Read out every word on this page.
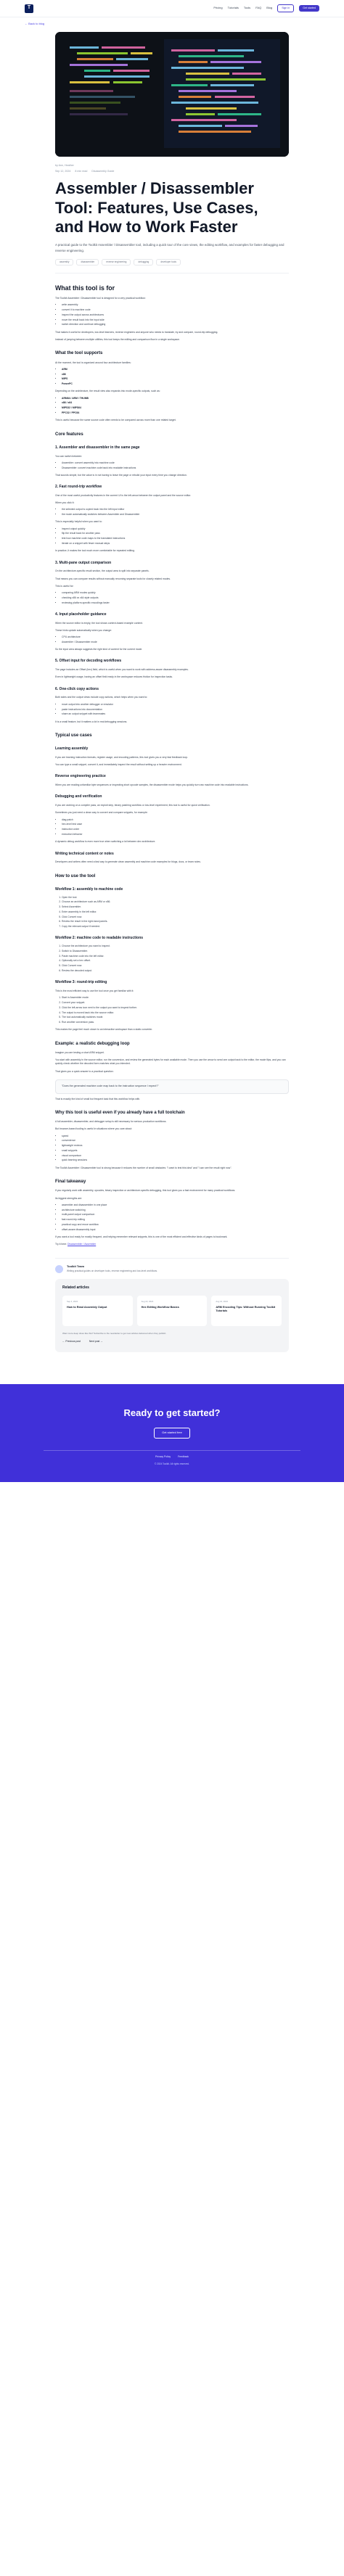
T	Pricing Tutorials Tools FAQ Blog	Sign in	Get started
← Back to blog
by Ann, Heather
Sep 12, 2024 8 min read Disassembly Guide
Assembler / Disassembler Tool: Features, Use Cases, and How to Work Faster

A practical guide to the Toolkit Assembler / Disassembler tool, including a quick tour of the core views, the editing workflow, and examples for faster debugging and reverse engineering.

assembly	disassembler	reverse engineering	debugging	developer tools
What this tool is for

The Toolkit Assembler / Disassembler tool is designed for a very practical workflow:

• write assembly
• convert it to machine code
• inspect the output across architectures
• move the result back into the input side
• switch direction and continue debugging

That makes it useful for developers, low-level learners, reverse engineers and anyone who needs to translate, try and compare, round-trip debugging.

Instead of jumping between multiple utilities, this tool keeps the editing and comparison flow in a single workspace.

What the tool supports

At the moment, the tool is organized around four architecture families:

• ARM
• x86
• MIPS
• PowerPC

Depending on the architecture, the result view also expands into mode-specific outputs, such as:

• ARM64 / ARM / THUMB
• x86 / x64
• MIPS32 / MIPS64
• PPC32 / PPC64

This is useful because the same source code often needs to be compared across more than one related target.

Core features
1. Assembler and disassembler in the same page

You can switch between:

• Assembler: convert assembly into machine code
• Disassembler: convert machine code back into readable instructions

That sounds simple, but the value is in not having to leave the page or rebuild your input every time you change direction.

2. Fast round-trip workflow

One of the most useful productivity features in the current UI is the left-arrow between the output panel and the source editor.

When you click it:

• the selected output is copied back into the left input editor
• the mode automatically switches between Assembler and Disassembler

This is especially helpful when you want to:

• inspect output quickly
• flip the result back for another pass
• test how machine code maps to the translated instructions
• iterate on a snippet with fewer manual steps

In practice, it makes the tool much more comfortable for repeated editing.

3. Multi-pane output comparison

On the architecture-specific result section, the output area is split into separate panels.

That means you can compare results without manually rerunning separate tools for closely related modes.

This is useful for:

• comparing ARM modes quickly
• checking x86 vs x64 style outputs
• reviewing platform-specific encodings faster
4. Input placeholder guidance

When the source editor is empty, the tool shows context-based example content.

These hints update automatically when you change:

• CPU architecture
• Assembler / Disassembler mode

So the input area always suggests the right kind of content for the current mode.

5. Offset input for decoding workflows

The page includes an Offset (hex) field, which is useful when you want to work with address-aware disassembly examples.

Even in lightweight usage, having an offset field ready in the workspace reduces friction for inspection tasks.

6. One-click copy actions

Both sides and the output views include copy actions, which helps when you want to:

• move output into another debugger or emulator
• paste instructions into documentation
• share an output snippet with teammates

It is a small feature, but it matters a lot in real debugging sessions.

Typical use cases
Learning assembly

If you are learning instruction formats, register usage, and encoding patterns, this tool gives you a very fast feedback loop.

You can type a small snippet, convert it, and immediately inspect the result without setting up a heavier environment.

Reverse engineering practice

When you are reading unfamiliar byte sequences or inspecting short opcode samples, the disassembler mode helps you quickly turn raw machine code into readable instructions.

Debugging and verification

If you are working on a compiler pass, an exploit step, binary patching workflow or low-level experiment, this tool is useful for quick verification.

Sometimes you just need a clean way to convert and compare snippets, for example:

• diag patch
• hex-level test case
• instruction order
• execution behavior

A dynamic debug workflow is even more true when switching a lot between dev architecture.

Writing technical content or notes

Developers and writers often need a fast way to generate clean assembly and machine code examples for blogs, docs, or team notes.

How to use the tool
Workflow 1: assembly to machine code
1. Open the tool.
2. Choose an architecture such as ARM or x86.
3. Select Assembler.
4. Enter assembly in the left editor.
5. Click Convert now.
6. Review the result in the right-hand panels.
7. Copy the relevant output if needed.
Workflow 2: machine code to readable instructions
1. Choose the architecture you want to inspect.
2. Switch to Disassembler.
3. Paste machine code into the left editor.
4. Optionally set a hex offset.
5. Click Convert now.
6. Review the decoded output.
Workflow 3: round-trip editing

This is the most efficient way to use the tool once you get familiar with it:

1. Start in Assembler mode.
2. Convert your snippet.
3. Click the left-arrow icon next to the output you want to inspect further.
4. The output is moved back into the source editor.
5. The tool automatically switches mode.
6. Run another conversion pass.

This makes the page feel much closer to an interactive workspace than a static converter.

Example: a realistic debugging loop

Imagine you are testing a short ARM snippet.

You start with assembly in the source editor, run the conversion, and review the generated bytes for each available mode. Then you use the arrow to send one output back to the editor, the mode flips, and you can quickly check whether the decoded form matches what you intended.

That gives you a quick answer to a practical question:

"Does the generated machine code map back to the instruction sequence I expect?"

That is exactly the kind of small but frequent task that this workflow helps with.

Why this tool is useful even if you already have a full toolchain

A full assembler, disassembler, and debugger setup is still necessary for serious production workflows.

But browser-based tooling is useful in situations where you care about:

• speed
• convenience
• lightweight reviews
• small snippets
• visual comparison
• quick learning sessions

The Toolkit Assembler / Disassembler tool is strong because it reduces the number of small obstacles: "I want to test this idea" and "I can see the result right now".

Final takeaway

If you regularly work with assembly, opcodes, binary inspection or architecture-specific debugging, this tool gives you a fast environment for many practical workflows.

Its biggest strengths are:

• assembler and disassembler in one place
• architecture switching
• multi-panel output comparison
• fast round-trip editing
• practical copy and reuse workflow
• offset-aware disassembly input

If you want a tool ready for mostly frequent, and helping remember relevant snippets, this is one of the most efficient and effective kinds of pages to bookmark.

Try it here: Disassembler / Assembler

Toolkit Team
Writing practical guides on developer tools, reverse engineering and low-level workflows.
Related articles
Sep 4, 2024
How to Read Assembly Output
Aug 22, 2024
Hex Editing Workflow Basics
Aug 10, 2024
ARM Encoding Tips: Without Running Toolkit Tutorials
Want more deep dives like this? Subscribe to the newsletter to get new articles delivered when they publish.
← Previous post	Next post →
Ready to get started?
Get started free
Privacy Policy	Feedback
© 2024 Toolkit. All rights reserved.
